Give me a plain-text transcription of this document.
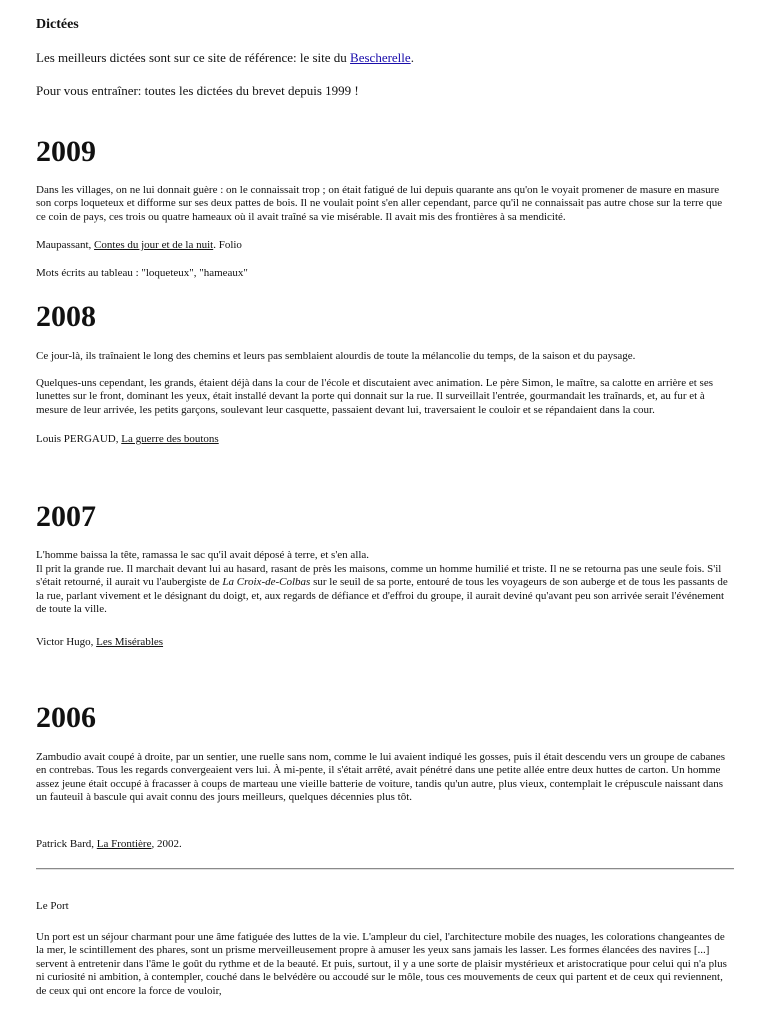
Dictées

Les meilleurs dictées sont sur ce site de référence: le site du Bescherelle.

Pour vous entraîner: toutes les dictées du brevet depuis 1999 !

2009

Dans les villages, on ne lui donnait guère : on le connaissait trop ; on était fatigué de lui depuis quarante ans qu'on le voyait promener de masure en masure son corps loqueteux et difforme sur ses deux pattes de bois. Il ne voulait point s'en aller cependant, parce qu'il ne connaissait pas autre chose sur la terre que ce coin de pays, ces trois ou quatre hameaux où il avait traîné sa vie misérable. Il avait mis des frontières à sa mendicité.

Maupassant, Contes du jour et de la nuit. Folio

Mots écrits au tableau : "loqueteux", "hameaux"

2008

Ce jour-là, ils traînaient le long des chemins et leurs pas semblaient alourdis de toute la mélancolie du temps, de la saison et du paysage.

Quelques-uns cependant, les grands, étaient déjà dans la cour de l'école et discutaient avec animation. Le père Simon, le maître, sa calotte en arrière et ses lunettes sur le front, dominant les yeux, était installé devant la porte qui donnait sur la rue. Il surveillait l'entrée, gourmandait les traînards, et, au fur et à mesure de leur arrivée, les petits garçons, soulevant leur casquette, passaient devant lui, traversaient le couloir et se répandaient dans la cour.

Louis PERGAUD, La guerre des boutons

2007

L'homme baissa la tête, ramassa le sac qu'il avait déposé à terre, et s'en alla.

Il prit la grande rue. Il marchait devant lui au hasard, rasant de près les maisons, comme un homme humilié et triste. Il ne se retourna pas une seule fois. S'il s'était retourné, il aurait vu l'aubergiste de La Croix-de-Colbas sur le seuil de sa porte, entouré de tous les voyageurs de son auberge et de tous les passants de la rue, parlant vivement et le désignant du doigt, et, aux regards de défiance et d'effroi du groupe, il aurait deviné qu'avant peu son arrivée serait l'événement de toute la ville.

Victor Hugo, Les Misérables

2006

Zambudio avait coupé à droite, par un sentier, une ruelle sans nom, comme le lui avaient indiqué les gosses, puis il était descendu vers un groupe de cabanes en contrebas. Tous les regards convergeaient vers lui. À mi-pente, il s'était arrêté, avait pénétré dans une petite allée entre deux huttes de carton. Un homme assez jeune était occupé à fracasser à coups de marteau une vieille batterie de voiture, tandis qu'un autre, plus vieux, contemplait le crépuscule naissant dans un fauteuil à bascule qui avait connu des jours meilleurs, quelques décennies plus tôt.

Patrick Bard, La Frontière, 2002.

Le Port

Un port est un séjour charmant pour une âme fatiguée des luttes de la vie. L'ampleur du ciel, l'architecture mobile des nuages, les colorations changeantes de la mer, le scintillement des phares, sont un prisme merveilleusement propre à amuser les yeux sans jamais les lasser. Les formes élancées des navires [...] servent à entretenir dans l'âme le goût du rythme et de la beauté. Et puis, surtout, il y a une sorte de plaisir mystérieux et aristocratique pour celui qui n'a plus ni curiosité ni ambition, à contempler, couché dans le belvédère ou accoudé sur le môle, tous ces mouvements de ceux qui partent et de ceux qui reviennent, de ceux qui ont encore la force de vouloir,
